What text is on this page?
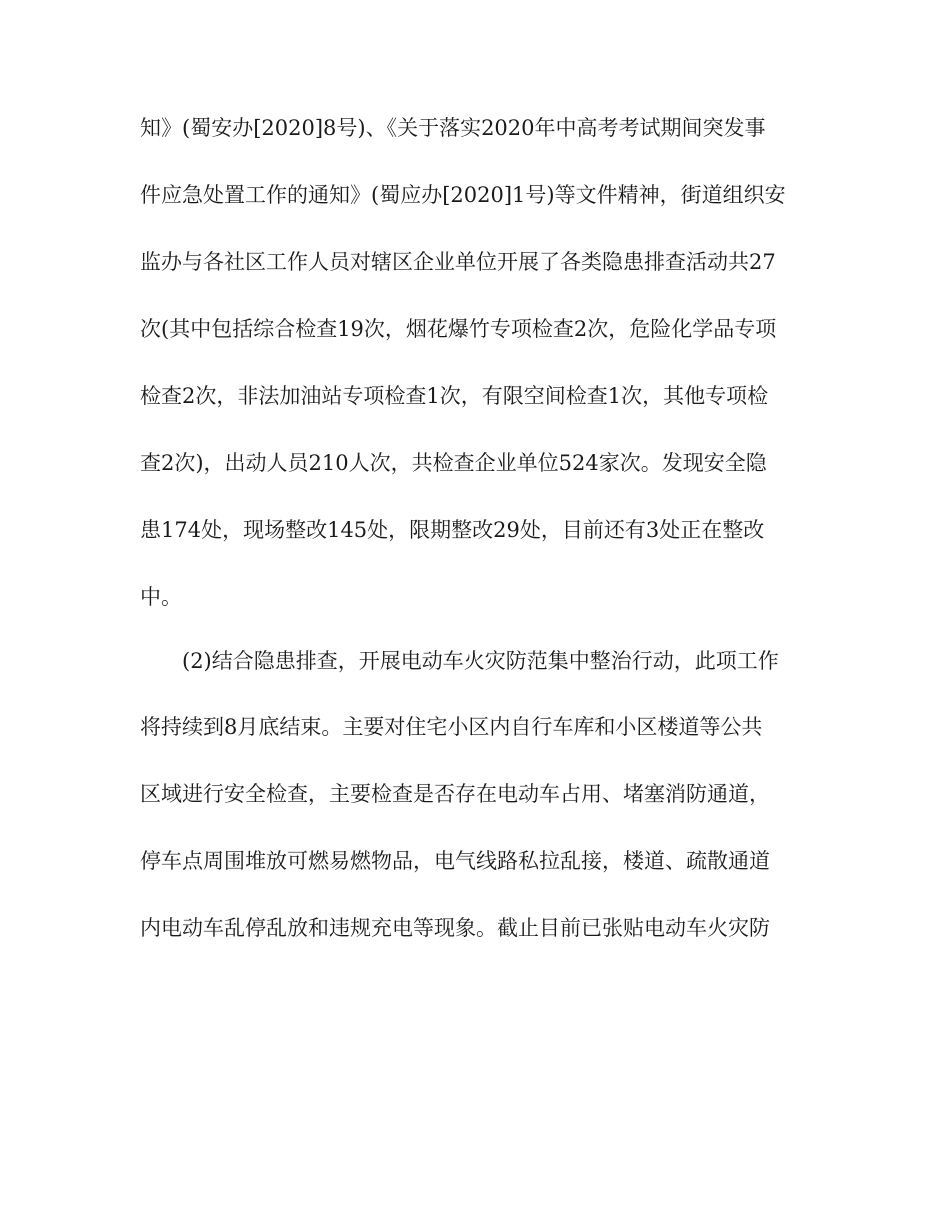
知》(蜀安办[2020]8号)、《关于落实2020年中高考考试期间突发事
件应急处置工作的通知》(蜀应办[2020]1号)等文件精神，街道组织安
监办与各社区工作人员对辖区企业单位开展了各类隐患排查活动共27
次(其中包括综合检查19次，烟花爆竹专项检查2次，危险化学品专项
检查2次，非法加油站专项检查1次，有限空间检查1次，其他专项检
查2次)，出动人员210人次，共检查企业单位524家次。发现安全隐
患174处，现场整改145处，限期整改29处，目前还有3处正在整改
中。
(2)结合隐患排查，开展电动车火灾防范集中整治行动，此项工作
将持续到8月底结束。主要对住宅小区内自行车库和小区楼道等公共
区域进行安全检查，主要检查是否存在电动车占用、堵塞消防通道，
停车点周围堆放可燃易燃物品，电气线路私拉乱接，楼道、疏散通道
内电动车乱停乱放和违规充电等现象。截止目前已张贴电动车火灾防
